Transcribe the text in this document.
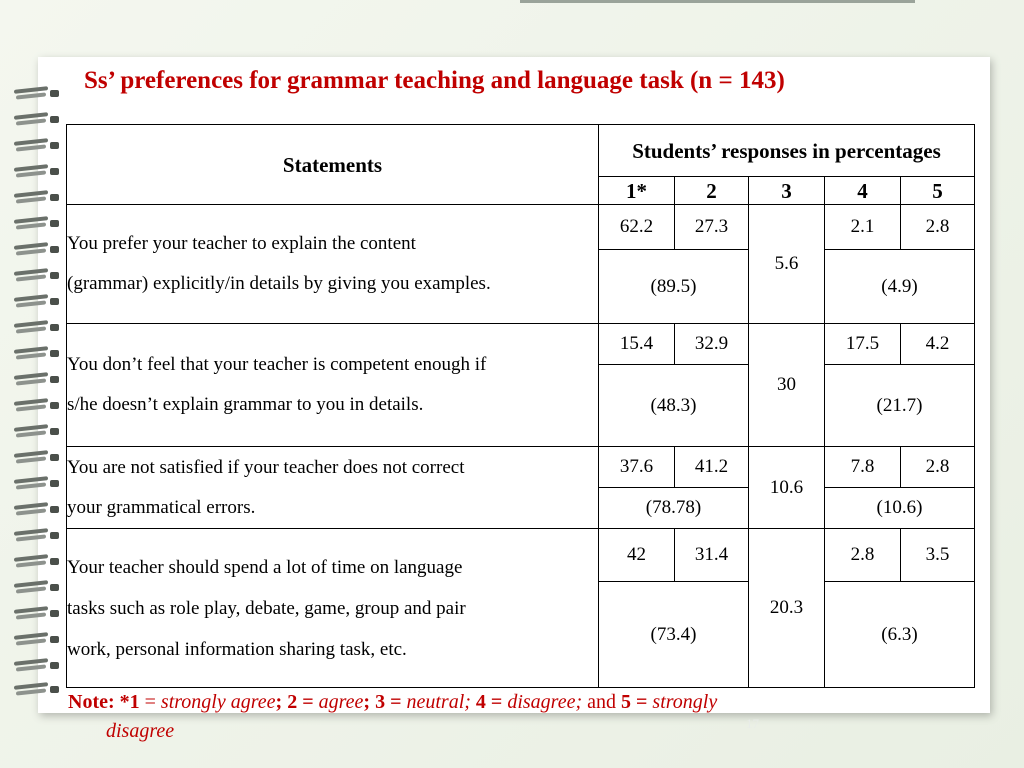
Ss’ preferences for grammar teaching and language task (n = 143)
Statements	Students’ responses in percentages				
	1*	2	3	4	5

You prefer your teacher to explain the content
(grammar) explicitly/in details by giving you examples.	62.2	27.3	5.6	2.1	2.8
	(89.5)			(4.9)	

You don’t feel that your teacher is competent enough if
s/he doesn’t explain grammar to you in details.	15.4	32.9	30	17.5	4.2
	(48.3)			(21.7)	

You are not satisfied if your teacher does not correct
your grammatical errors.	37.6	41.2	10.6	7.8	2.8
	(78.78)			(10.6)	

Your teacher should spend a lot of time on language
tasks such as role play, debate, game, group and pair
work, personal information sharing task, etc.	42	31.4	20.3	2.8	3.5
	(73.4)			(6.3)	
Note: *1 = strongly agree; 2 = agree; 3 = neutral; 4 = disagree; and 5 = strongly
disagree	17
